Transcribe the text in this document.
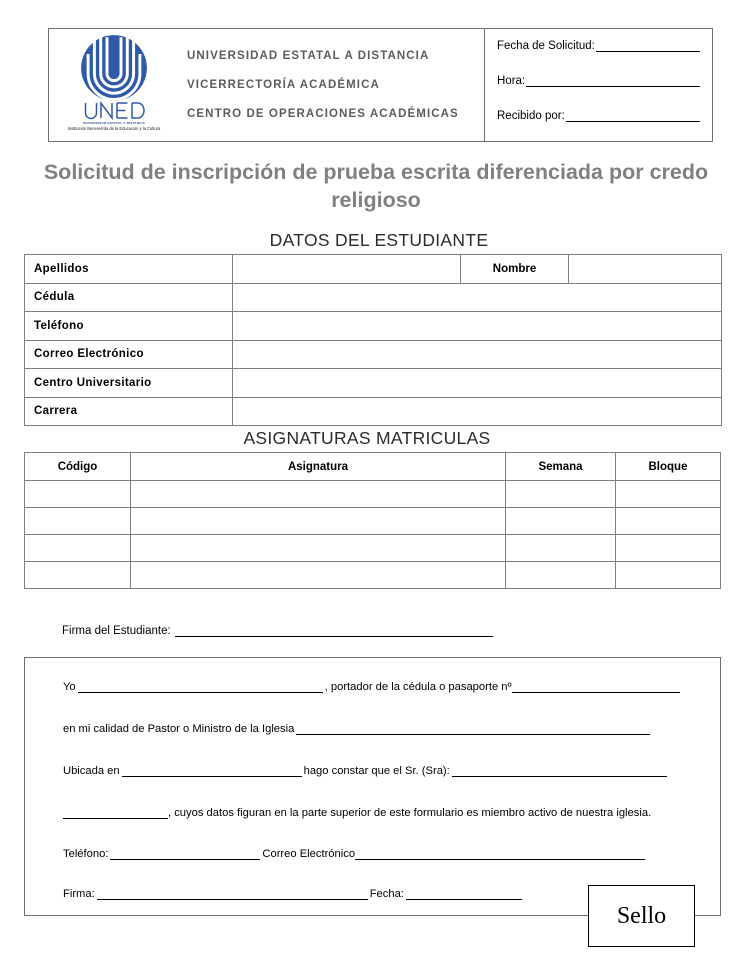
UNIVERSIDAD ESTATAL A DISTANCIA
Institución Benemérita de la Educación y la Cultura
UNIVERSIDAD ESTATAL A DISTANCIA
VICERRECTORÍA ACADÉMICA
CENTRO DE OPERACIONES ACADÉMICAS
Fecha de Solicitud:
Hora:
Recibido por:
Solicitud de inscripción de prueba escrita diferenciada por credo religioso
DATOS DEL ESTUDIANTE
Apellidos		Nombre	
Cédula			
Teléfono			
Correo Electrónico			
Centro Universitario			
Carrera			
ASIGNATURAS MATRICULAS
Código	Asignatura	Semana	Bloque

Firma del Estudiante:
Yo	, portador de la cédula o pasaporte nº
en mi calidad de Pastor o Ministro de la Iglesia
Ubicada en	hago constar que el Sr. (Sra):
, cuyos datos figuran en la parte superior de este formulario es miembro activo de nuestra iglesia.
Teléfono:	Correo Electrónico
Firma:	Fecha:
Sello
